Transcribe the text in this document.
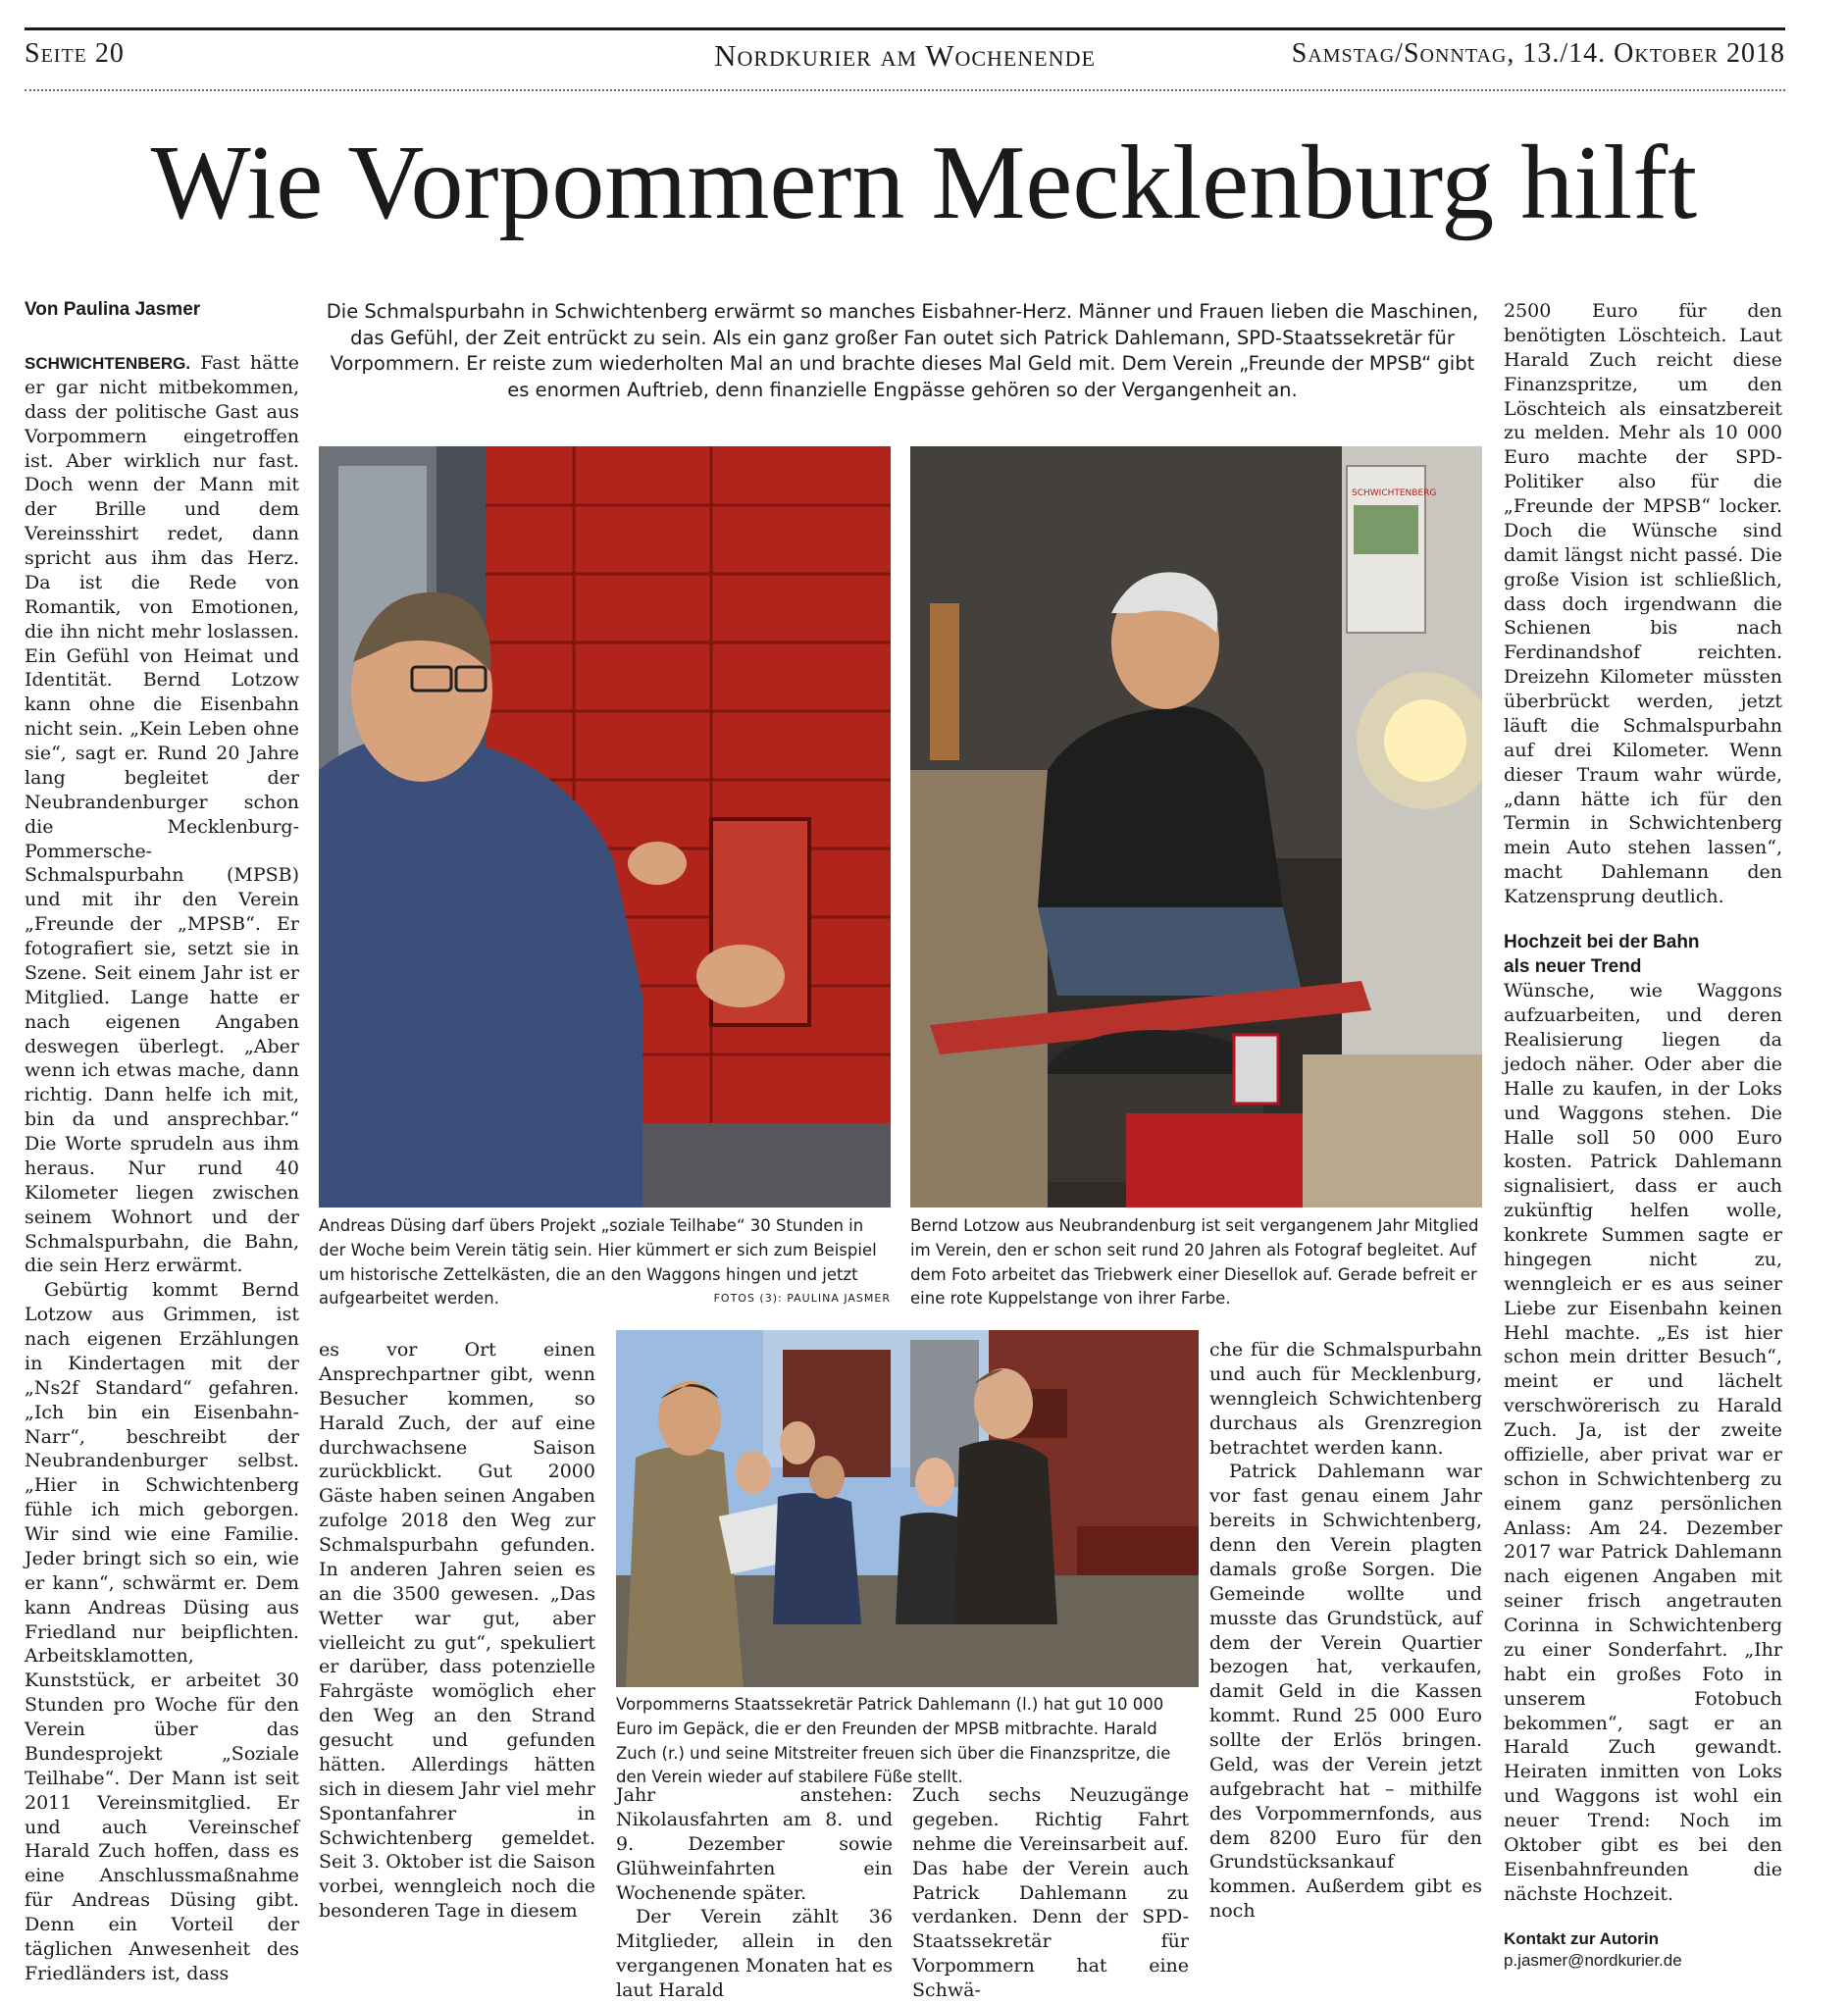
Seite 20	Nordkurier am Wochenende	Samstag/Sonntag, 13./14. Oktober 2018
Wie Vorpommern Mecklenburg hilft
Von Paulina Jasmer	Die Schmalspurbahn in Schwichtenberg erwärmt so manches Eisbahner-Herz. Männer und Frauen lieben die Maschinen, das Gefühl, der Zeit entrückt zu sein. Als ein ganz großer Fan outet sich Patrick Dahlemann, SPD-Staatssekretär für Vorpommern. Er reiste zum wiederholten Mal an und brachte dieses Mal Geld mit. Dem Verein „Freunde der MPSB“ gibt es enormen Auftrieb, denn finanzielle Engpässe gehören so der Vergangenheit an.

SCHWICHTENBERG. Fast hätte er gar nicht mitbekommen, dass der politische Gast aus Vorpommern eingetroffen ist. Aber wirklich nur fast. Doch wenn der Mann mit der Brille und dem Vereinsshirt redet, dann spricht aus ihm das Herz. Da ist die Rede von Romantik, von Emotionen, die ihn nicht mehr loslassen. Ein Gefühl von Heimat und Identität. Bernd Lotzow kann ohne die Eisenbahn nicht sein. „Kein Leben ohne sie“, sagt er. Rund 20 Jahre lang begleitet der Neubrandenburger schon die Mecklenburg-Pommersche-Schmalspurbahn (MPSB) und mit ihr den Verein „Freunde der „MPSB“. Er fotografiert sie, setzt sie in Szene. Seit einem Jahr ist er Mitglied. Lange hatte er nach eigenen Angaben deswegen überlegt. „Aber wenn ich etwas mache, dann richtig. Dann helfe ich mit, bin da und ansprechbar.“ Die Worte sprudeln aus ihm heraus. Nur rund 40 Kilometer liegen zwischen seinem Wohnort und der Schmalspurbahn, die Bahn, die sein Herz erwärmt.

Gebürtig kommt Bernd Lotzow aus Grimmen, ist nach eigenen Erzählungen in Kindertagen mit der „Ns2f Standard“ gefahren. „Ich bin ein Eisenbahn-Narr“, beschreibt der Neubrandenburger selbst. „Hier in Schwichtenberg fühle ich mich geborgen. Wir sind wie eine Familie. Jeder bringt sich so ein, wie er kann“, schwärmt er. Dem kann Andreas Düsing aus Friedland nur beipflichten. Arbeitsklamotten, Kunststück, er arbeitet 30 Stunden pro Woche für den Verein über das Bundesprojekt „Soziale Teilhabe“. Der Mann ist seit 2011 Vereinsmitglied. Er und auch Vereinschef Harald Zuch hoffen, dass es eine Anschlussmaßnahme für Andreas Düsing gibt. Denn ein Vorteil der täglichen Anwesenheit des Friedländers ist, dass

Andreas Düsing darf übers Projekt „soziale Teilhabe“ 30 Stunden in der Woche beim Verein tätig sein. Hier kümmert er sich zum Beispiel um historische Zettelkästen, die an den Waggons hingen und jetzt aufgearbeitet werden.	FOTOS (3): PAULINA JASMER
SCHWICHTENBERG
Bernd Lotzow aus Neubrandenburg ist seit vergangenem Jahr Mitglied im Verein, den er schon seit rund 20 Jahren als Fotograf begleitet. Auf dem Foto arbeitet das Triebwerk einer Diesellok auf. Gerade befreit er eine rote Kuppelstange von ihrer Farbe.
Vorpommerns Staatssekretär Patrick Dahlemann (l.) hat gut 10 000 Euro im Gepäck, die er den Freunden der MPSB mitbrachte. Harald Zuch (r.) und seine Mitstreiter freuen sich über die Finanzspritze, die den Verein wieder auf stabilere Füße stellt.

es vor Ort einen Ansprechpartner gibt, wenn Besucher kommen, so Harald Zuch, der auf eine durchwachsene Saison zurückblickt. Gut 2000 Gäste haben seinen Angaben zufolge 2018 den Weg zur Schmalspurbahn gefunden. In anderen Jahren seien es an die 3500 gewesen. „Das Wetter war gut, aber vielleicht zu gut“, spekuliert er darüber, dass potenzielle Fahrgäste womöglich eher den Weg an den Strand gesucht und gefunden hätten. Allerdings hätten sich in diesem Jahr viel mehr Spontanfahrer in Schwichtenberg gemeldet. Seit 3. Oktober ist die Saison vorbei, wenngleich noch die besonderen Tage in diesem

Jahr anstehen: Nikolausfahrten am 8. und 9. Dezember sowie Glühweinfahrten ein Wochenende später.

Der Verein zählt 36 Mitglieder, allein in den vergangenen Monaten hat es laut Harald

Zuch sechs Neuzugänge gegeben. Richtig Fahrt nehme die Vereinsarbeit auf. Das habe der Verein auch Patrick Dahlemann zu verdanken. Denn der SPD-Staatssekretär für Vorpommern hat eine Schwä-

che für die Schmalspurbahn und auch für Mecklenburg, wenngleich Schwichtenberg durchaus als Grenzregion betrachtet werden kann.

Patrick Dahlemann war vor fast genau einem Jahr bereits in Schwichtenberg, denn den Verein plagten damals große Sorgen. Die Gemeinde wollte und musste das Grundstück, auf dem der Verein Quartier bezogen hat, verkaufen, damit Geld in die Kassen kommt. Rund 25 000 Euro sollte der Erlös bringen. Geld, was der Verein jetzt aufgebracht hat – mithilfe des Vorpommernfonds, aus dem 8200 Euro für den Grundstücksankauf kommen. Außerdem gibt es noch

2500 Euro für den benötigten Löschteich. Laut Harald Zuch reicht diese Finanzspritze, um den Löschteich als einsatzbereit zu melden. Mehr als 10 000 Euro machte der SPD-Politiker also für die „Freunde der MPSB“ locker. Doch die Wünsche sind damit längst nicht passé. Die große Vision ist schließlich, dass doch irgendwann die Schienen bis nach Ferdinandshof reichten. Dreizehn Kilometer müssten überbrückt werden, jetzt läuft die Schmalspurbahn auf drei Kilometer. Wenn dieser Traum wahr würde, „dann hätte ich für den Termin in Schwichtenberg mein Auto stehen lassen“, macht Dahlemann den Katzensprung deutlich.

Hochzeit bei der Bahn
als neuer Trend

Wünsche, wie Waggons aufzuarbeiten, und deren Realisierung liegen da jedoch näher. Oder aber die Halle zu kaufen, in der Loks und Waggons stehen. Die Halle soll 50 000 Euro kosten. Patrick Dahlemann signalisiert, dass er auch zukünftig helfen wolle, konkrete Summen sagte er hingegen nicht zu, wenngleich er es aus seiner Liebe zur Eisenbahn keinen Hehl machte. „Es ist hier schon mein dritter Besuch“, meint er und lächelt verschwörerisch zu Harald Zuch. Ja, ist der zweite offizielle, aber privat war er schon in Schwichtenberg zu einem ganz persönlichen Anlass: Am 24. Dezember 2017 war Patrick Dahlemann nach eigenen Angaben mit seiner frisch angetrauten Corinna in Schwichtenberg zu einer Sonderfahrt. „Ihr habt ein großes Foto in unserem Fotobuch bekommen“, sagt er an Harald Zuch gewandt. Heiraten inmitten von Loks und Waggons ist wohl ein neuer Trend: Noch im Oktober gibt es bei den Eisenbahnfreunden die nächste Hochzeit.

Kontakt zur Autorin
p.jasmer@nordkurier.de
